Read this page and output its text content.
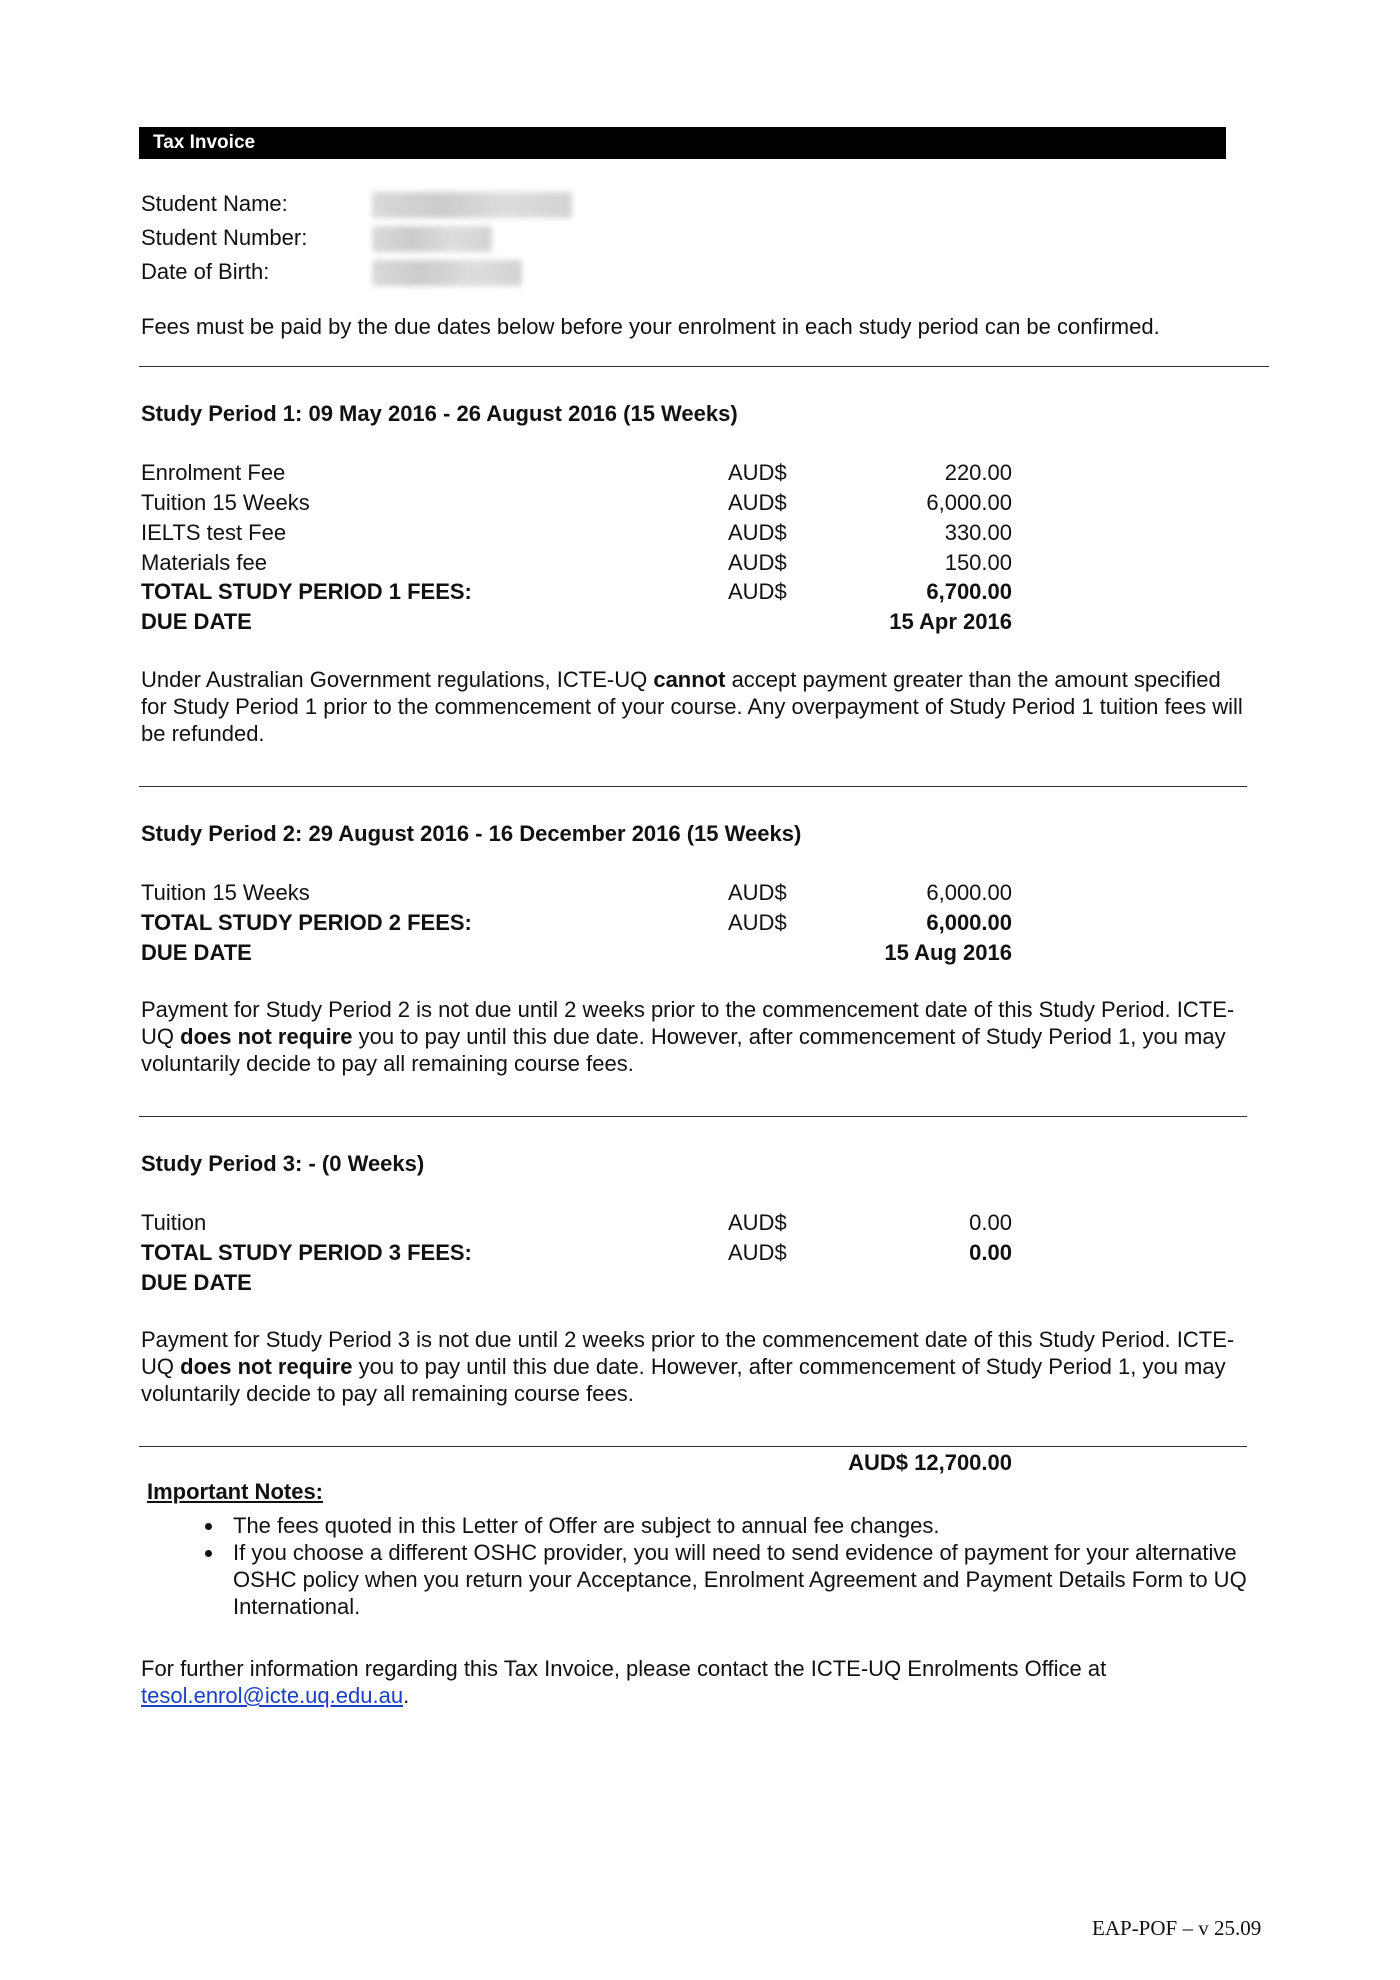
Tax Invoice
Student Name:
Student Number:
Date of Birth:
Fees must be paid by the due dates below before your enrolment in each study period can be confirmed.
Study Period 1: 09 May 2016 - 26 August 2016 (15 Weeks)
Enrolment Fee	AUD$	220.00
Tuition 15 Weeks	AUD$	6,000.00
IELTS test Fee	AUD$	330.00
Materials fee	AUD$	150.00
TOTAL STUDY PERIOD 1 FEES:	AUD$	6,700.00
DUE DATE	15 Apr 2016
Under Australian Government regulations, ICTE-UQ cannot accept payment greater than the amount specified for Study Period 1 prior to the commencement of your course. Any overpayment of Study Period 1 tuition fees will be refunded.
Study Period 2: 29 August 2016 - 16 December 2016 (15 Weeks)
Tuition 15 Weeks	AUD$	6,000.00
TOTAL STUDY PERIOD 2 FEES:	AUD$	6,000.00
DUE DATE	15 Aug 2016
Payment for Study Period 2 is not due until 2 weeks prior to the commencement date of this Study Period. ICTE-UQ does not require you to pay until this due date. However, after commencement of Study Period 1, you may voluntarily decide to pay all remaining course fees.
Study Period 3: - (0 Weeks)
Tuition	AUD$	0.00
TOTAL STUDY PERIOD 3 FEES:	AUD$	0.00
DUE DATE
Payment for Study Period 3 is not due until 2 weeks prior to the commencement date of this Study Period. ICTE-UQ does not require you to pay until this due date. However, after commencement of Study Period 1, you may voluntarily decide to pay all remaining course fees.
AUD$ 12,700.00
Important Notes:
• The fees quoted in this Letter of Offer are subject to annual fee changes.
• If you choose a different OSHC provider, you will need to send evidence of payment for your alternative OSHC policy when you return your Acceptance, Enrolment Agreement and Payment Details Form to UQ International.
For further information regarding this Tax Invoice, please contact the ICTE-UQ Enrolments Office at
tesol.enrol@icte.uq.edu.au.
EAP-POF – v 25.09
